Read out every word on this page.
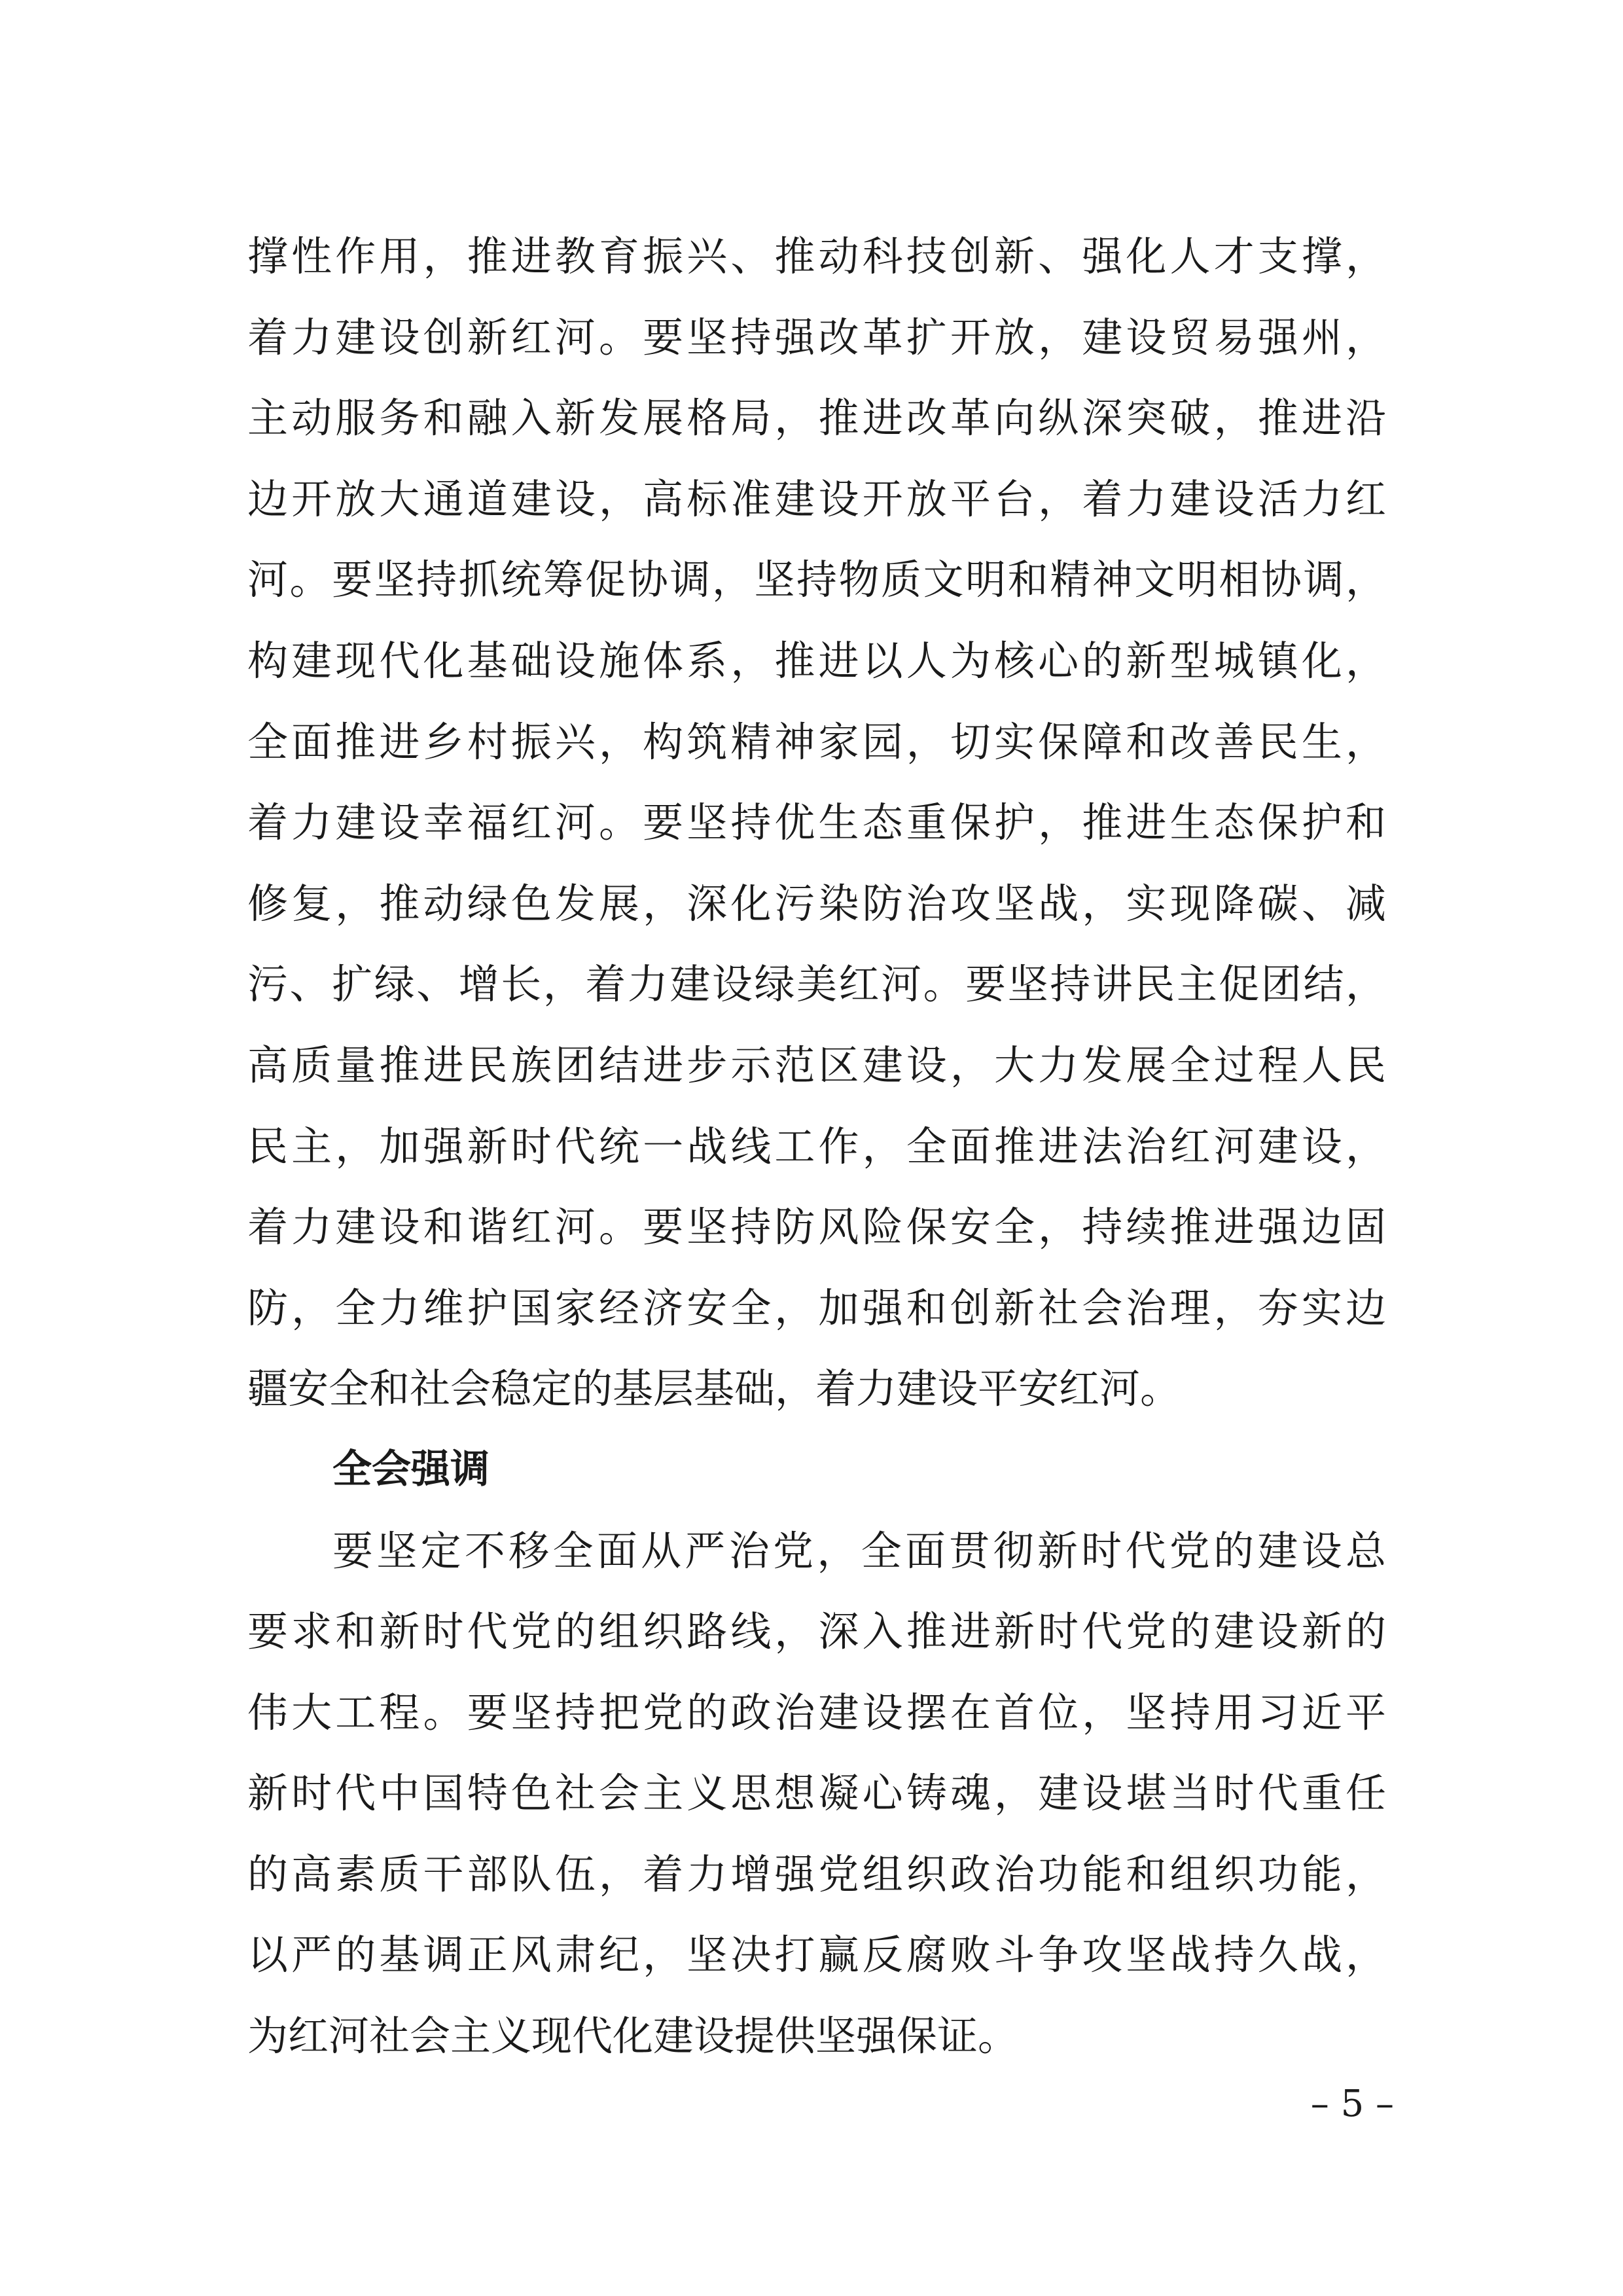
撑性作用，推进教育振兴、推动科技创新、强化人才支撑，
着力建设创新红河。要坚持强改革扩开放，建设贸易强州，
主动服务和融入新发展格局，推进改革向纵深突破，推进沿
边开放大通道建设，高标准建设开放平台，着力建设活力红
河。要坚持抓统筹促协调，坚持物质文明和精神文明相协调，
构建现代化基础设施体系，推进以人为核心的新型城镇化，
全面推进乡村振兴，构筑精神家园，切实保障和改善民生，
着力建设幸福红河。要坚持优生态重保护，推进生态保护和
修复，推动绿色发展，深化污染防治攻坚战，实现降碳、减
污、扩绿、增长，着力建设绿美红河。要坚持讲民主促团结，
高质量推进民族团结进步示范区建设，大力发展全过程人民
民主，加强新时代统一战线工作，全面推进法治红河建设，
着力建设和谐红河。要坚持防风险保安全，持续推进强边固
防，全力维护国家经济安全，加强和创新社会治理，夯实边
疆安全和社会稳定的基层基础，着力建设平安红河。
全会强调
要坚定不移全面从严治党，全面贯彻新时代党的建设总
要求和新时代党的组织路线，深入推进新时代党的建设新的
伟大工程。要坚持把党的政治建设摆在首位，坚持用习近平
新时代中国特色社会主义思想凝心铸魂，建设堪当时代重任
的高素质干部队伍，着力增强党组织政治功能和组织功能，
以严的基调正风肃纪，坚决打赢反腐败斗争攻坚战持久战，
为红河社会主义现代化建设提供坚强保证。
– 5 –
